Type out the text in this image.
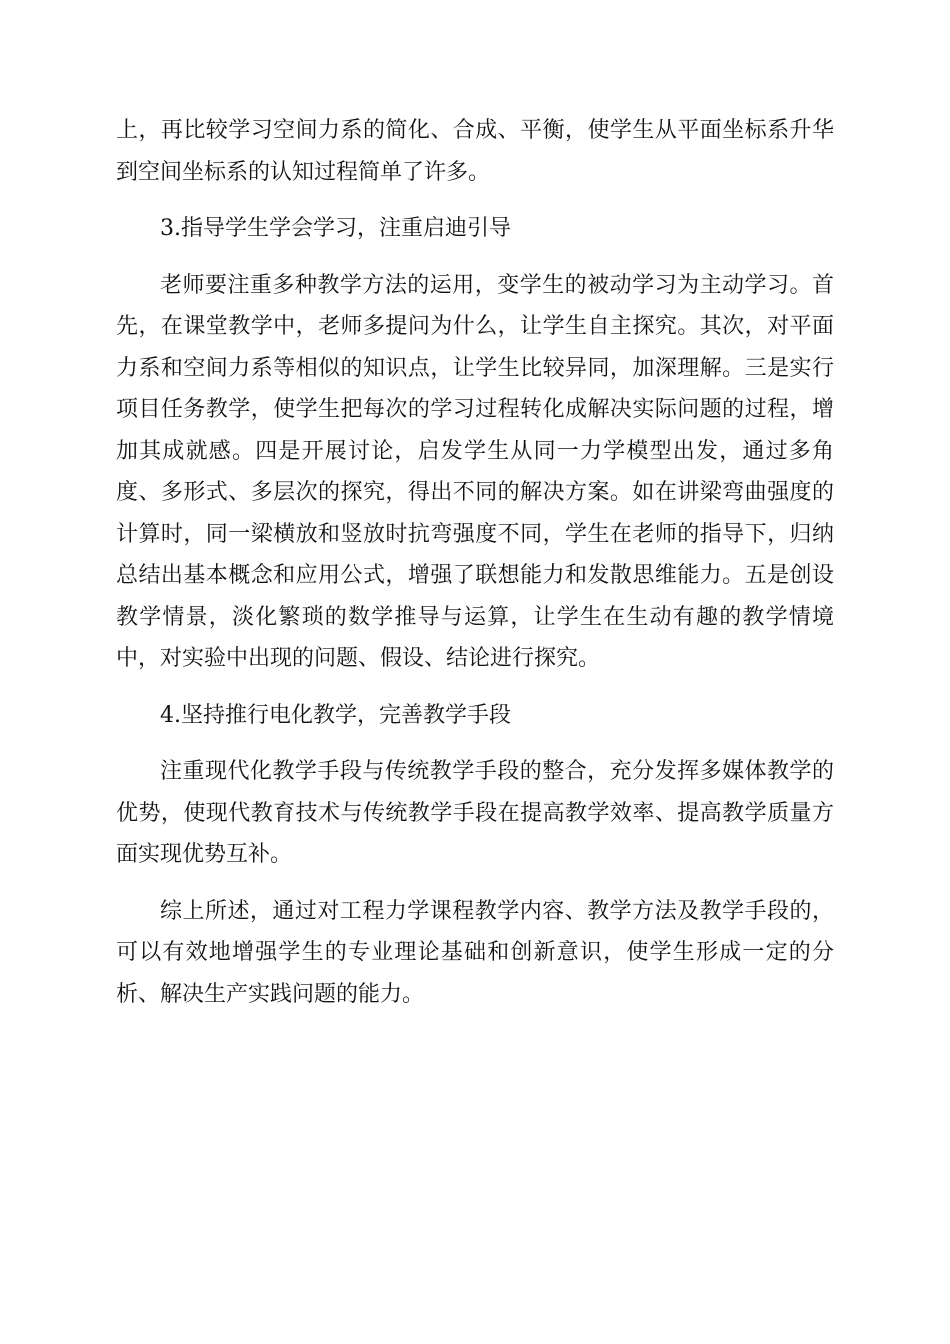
上，再比较学习空间力系的简化、合成、平衡，使学生从平面坐标系升华到空间坐标系的认知过程简单了许多。

3.指导学生学会学习，注重启迪引导

老师要注重多种教学方法的运用，变学生的被动学习为主动学习。首先，在课堂教学中，老师多提问为什么，让学生自主探究。其次，对平面力系和空间力系等相似的知识点，让学生比较异同，加深理解。三是实行项目任务教学，使学生把每次的学习过程转化成解决实际问题的过程，增加其成就感。四是开展讨论，启发学生从同一力学模型出发，通过多角度、多形式、多层次的探究，得出不同的解决方案。如在讲梁弯曲强度的计算时，同一梁横放和竖放时抗弯强度不同，学生在老师的指导下，归纳总结出基本概念和应用公式，增强了联想能力和发散思维能力。五是创设教学情景，淡化繁琐的数学推导与运算，让学生在生动有趣的教学情境中，对实验中出现的问题、假设、结论进行探究。

4.坚持推行电化教学，完善教学手段

注重现代化教学手段与传统教学手段的整合，充分发挥多媒体教学的优势，使现代教育技术与传统教学手段在提高教学效率、提高教学质量方面实现优势互补。

综上所述，通过对工程力学课程教学内容、教学方法及教学手段的，可以有效地增强学生的专业理论基础和创新意识，使学生形成一定的分析、解决生产实践问题的能力。
